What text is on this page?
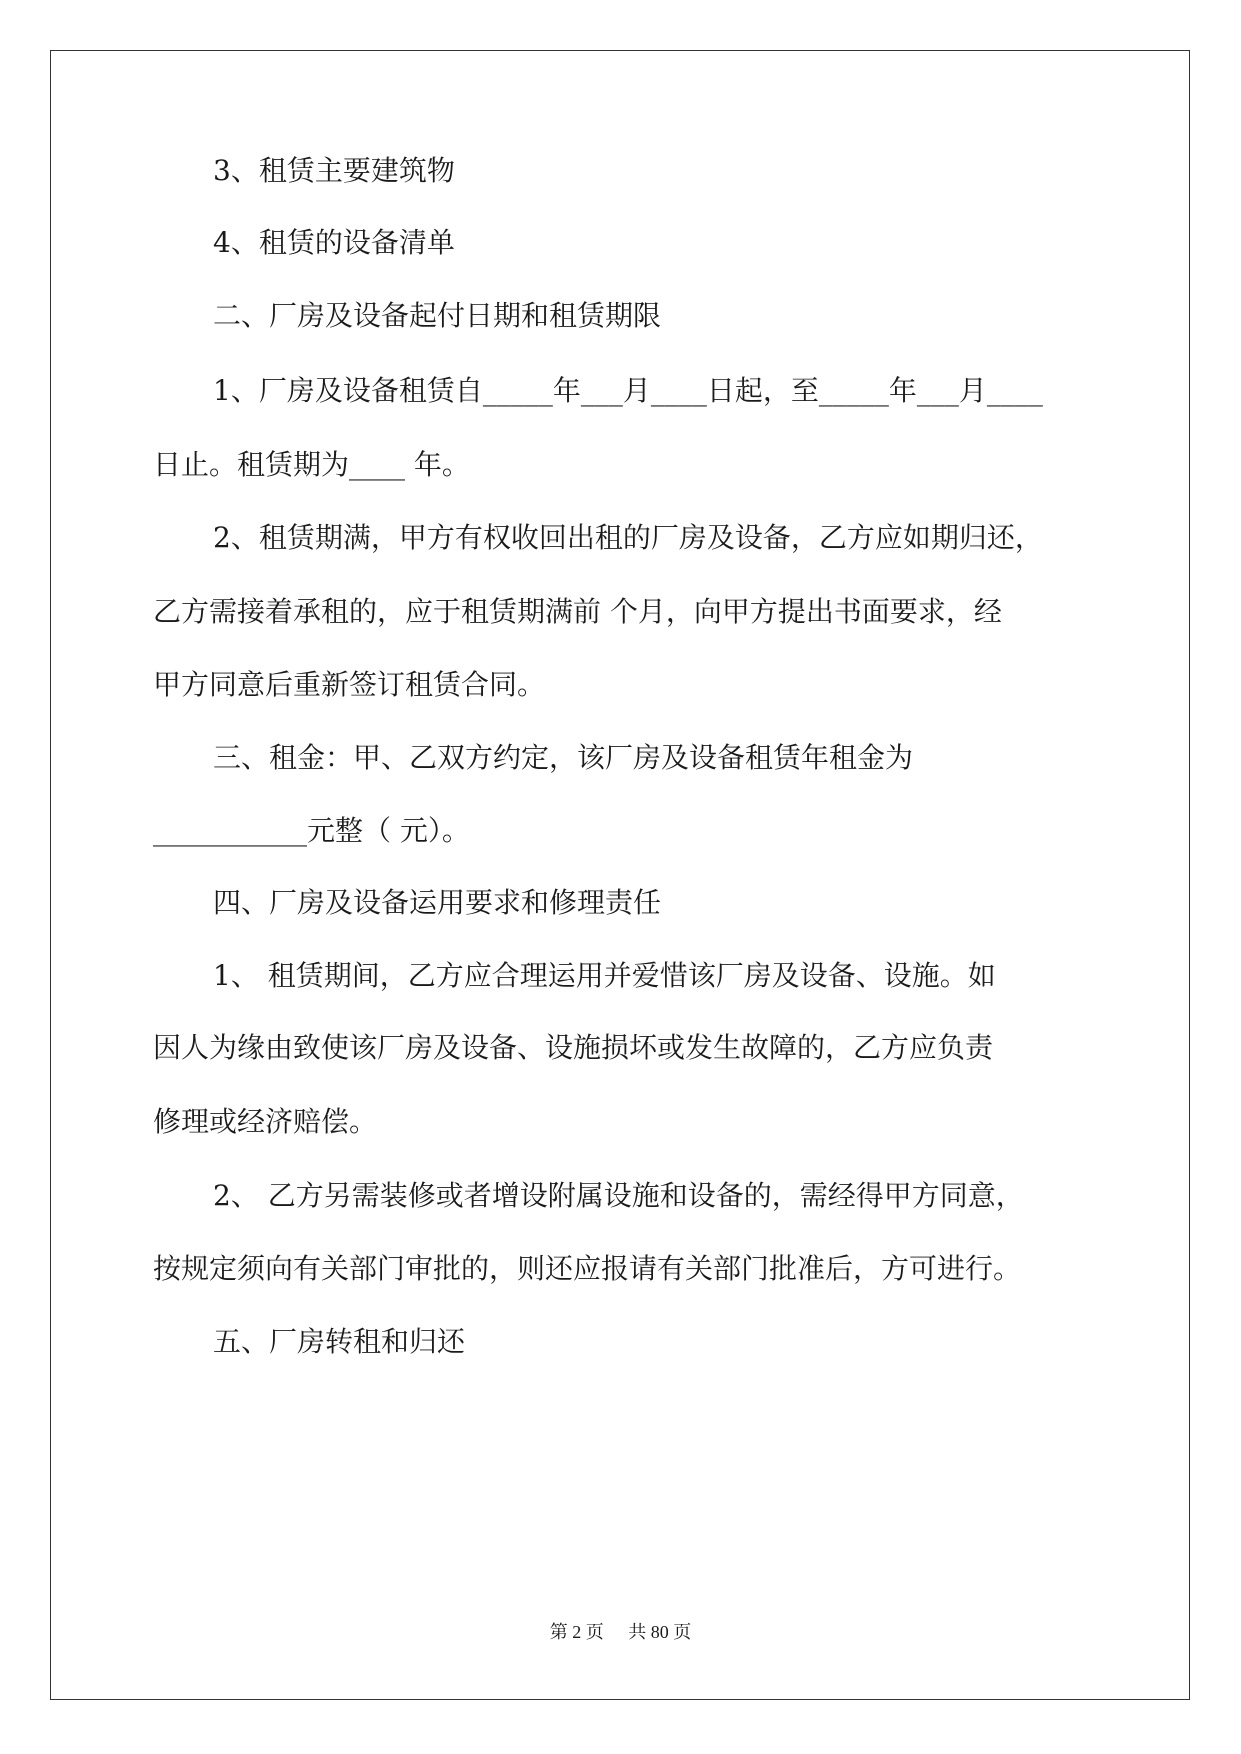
3、租赁主要建筑物
4、租赁的设备清单
二、厂房及设备起付日期和租赁期限
1、厂房及设备租赁自_____年___月____日起，至_____年___月____
日止。租赁期为____ 年。
2、租赁期满，甲方有权收回出租的厂房及设备，乙方应如期归还，
乙方需接着承租的，应于租赁期满前 个月，向甲方提出书面要求，经
甲方同意后重新签订租赁合同。
三、租金：甲、乙双方约定，该厂房及设备租赁年租金为
___________元整（ 元）。
四、厂房及设备运用要求和修理责任
1、 租赁期间，乙方应合理运用并爱惜该厂房及设备、设施。如
因人为缘由致使该厂房及设备、设施损坏或发生故障的，乙方应负责
修理或经济赔偿。
2、 乙方另需装修或者增设附属设施和设备的，需经得甲方同意，
按规定须向有关部门审批的，则还应报请有关部门批准后，方可进行。
五、厂房转租和归还
第 2 页 共 80 页
